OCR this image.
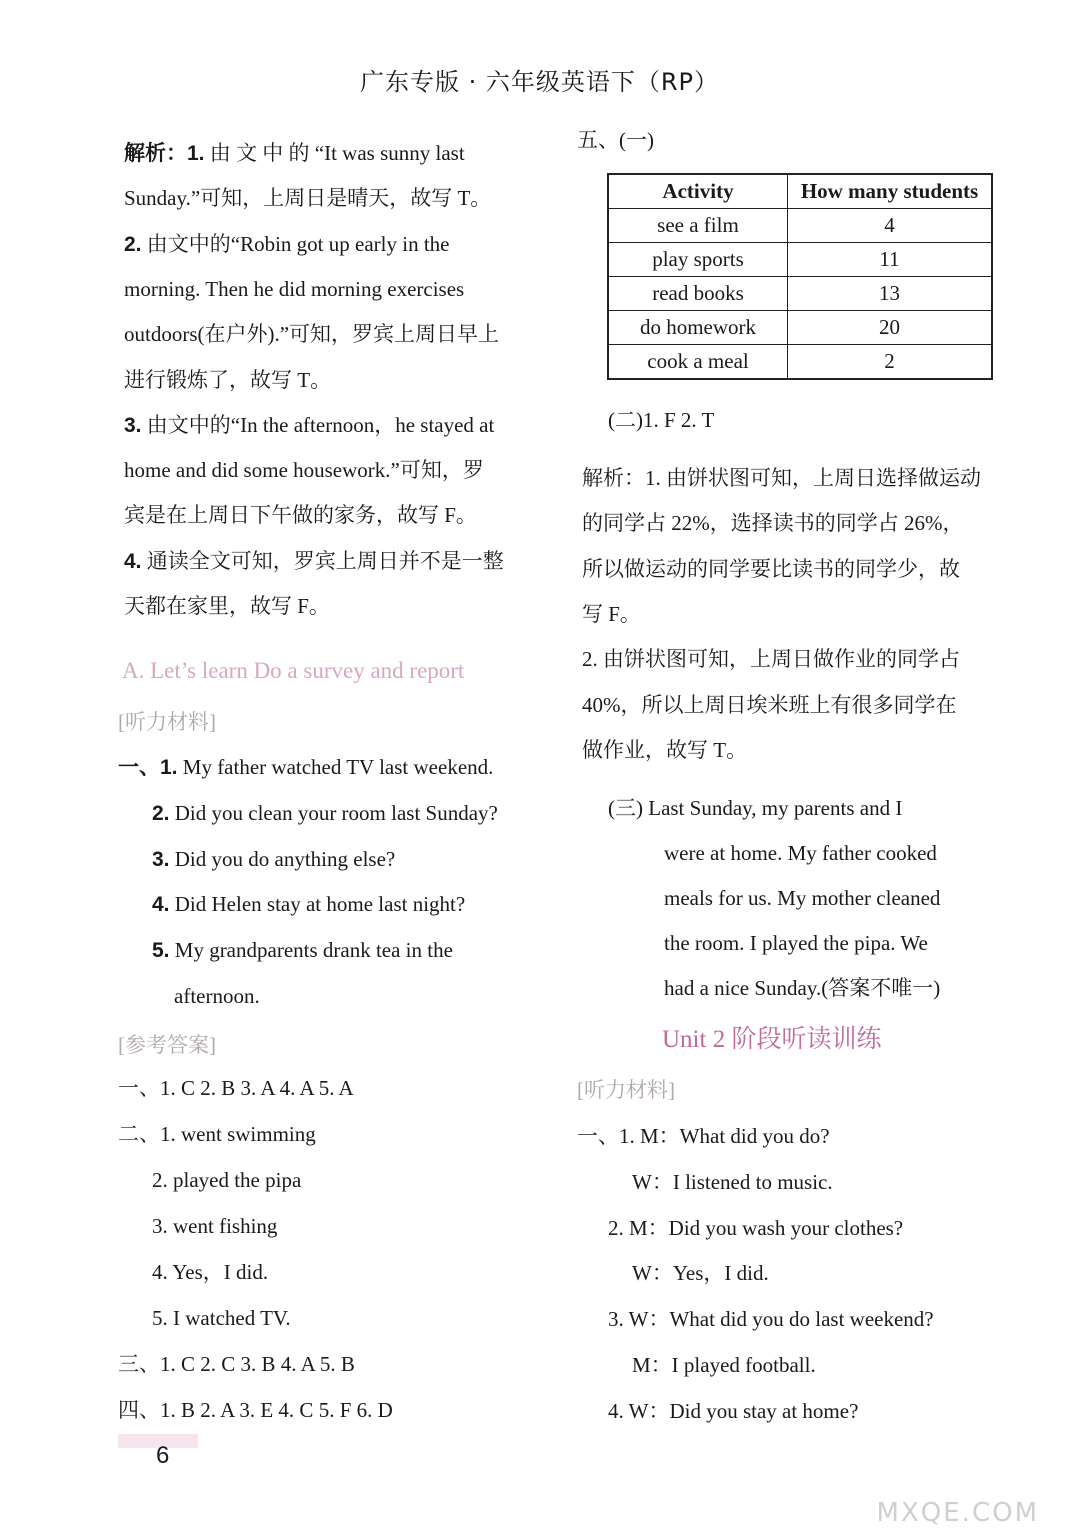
广东专版 · 六年级英语下（RP）
解析：1. 由 文 中 的 “It was sunny last
Sunday.”可知，上周日是晴天，故写 T。
2. 由文中的“Robin got up early in the
morning. Then he did morning exercises
outdoors(在户外).”可知，罗宾上周日早上
进行锻炼了，故写 T。
3. 由文中的“In the afternoon，he stayed at
home and did some housework.”可知，罗
宾是在上周日下午做的家务，故写 F。
4. 通读全文可知，罗宾上周日并不是一整
天都在家里，故写 F。
A. Let’s learn Do a survey and report
[听力材料]
一、1. My father watched TV last weekend.
2. Did you clean your room last Sunday?
3. Did you do anything else?
4. Did Helen stay at home last night?
5. My grandparents drank tea in the
afternoon.
[参考答案]
一、1. C 2. B 3. A 4. A 5. A
二、1. went swimming
2. played the pipa
3. went fishing
4. Yes，I did.
5. I watched TV.
三、1. C 2. C 3. B 4. A 5. B
四、1. B 2. A 3. E 4. C 5. F 6. D
6
五、(一)
Activity	How many students
see a film	4
play sports	11
read books	13
do homework	20
cook a meal	2
(二)1. F 2. T
解析：1. 由饼状图可知，上周日选择做运动
的同学占 22%，选择读书的同学占 26%，
所以做运动的同学要比读书的同学少，故
写 F。
2. 由饼状图可知，上周日做作业的同学占
40%，所以上周日埃米班上有很多同学在
做作业，故写 T。
(三) Last Sunday, my parents and I
were at home. My father cooked
meals for us. My mother cleaned
the room. I played the pipa. We
had a nice Sunday.(答案不唯一)
Unit 2 阶段听读训练
[听力材料]
一、1. M：What did you do?
W：I listened to music.
2. M：Did you wash your clothes?
W：Yes，I did.
3. W：What did you do last weekend?
M：I played football.
4. W：Did you stay at home?
MXQE.COM
